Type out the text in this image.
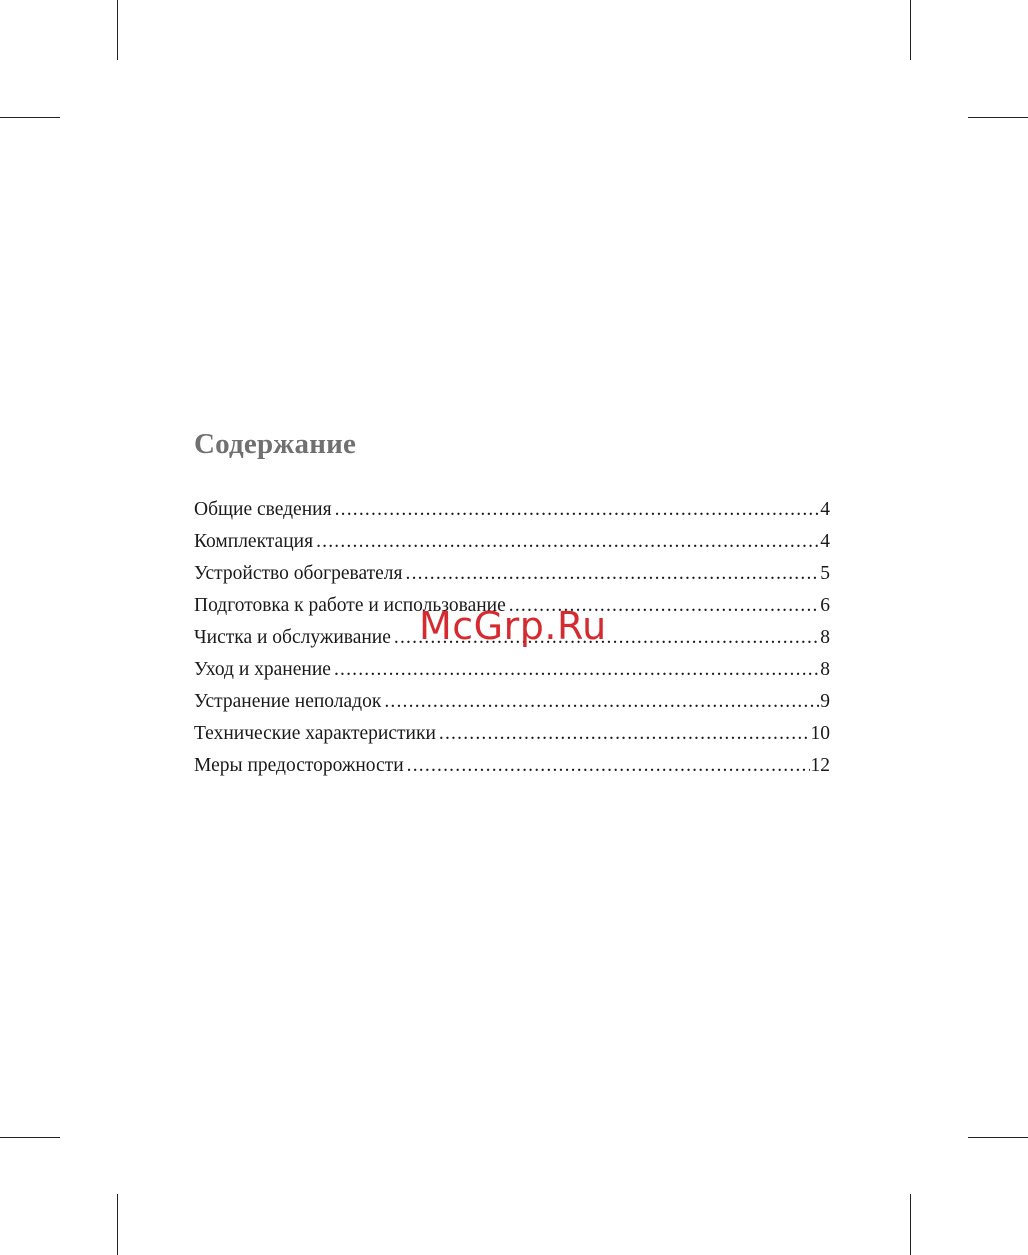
Содержание
Общие сведения .....	4
Комплектация .....	4
Устройство обогревателя .....	5
Подготовка к работе и использование .....	6
Чистка и обслуживание .....	8
Уход и хранение .....	8
Устранение неполадок .....	9
Технические характеристики .....	10
Меры предосторожности .....	12
McGrp.Ru
